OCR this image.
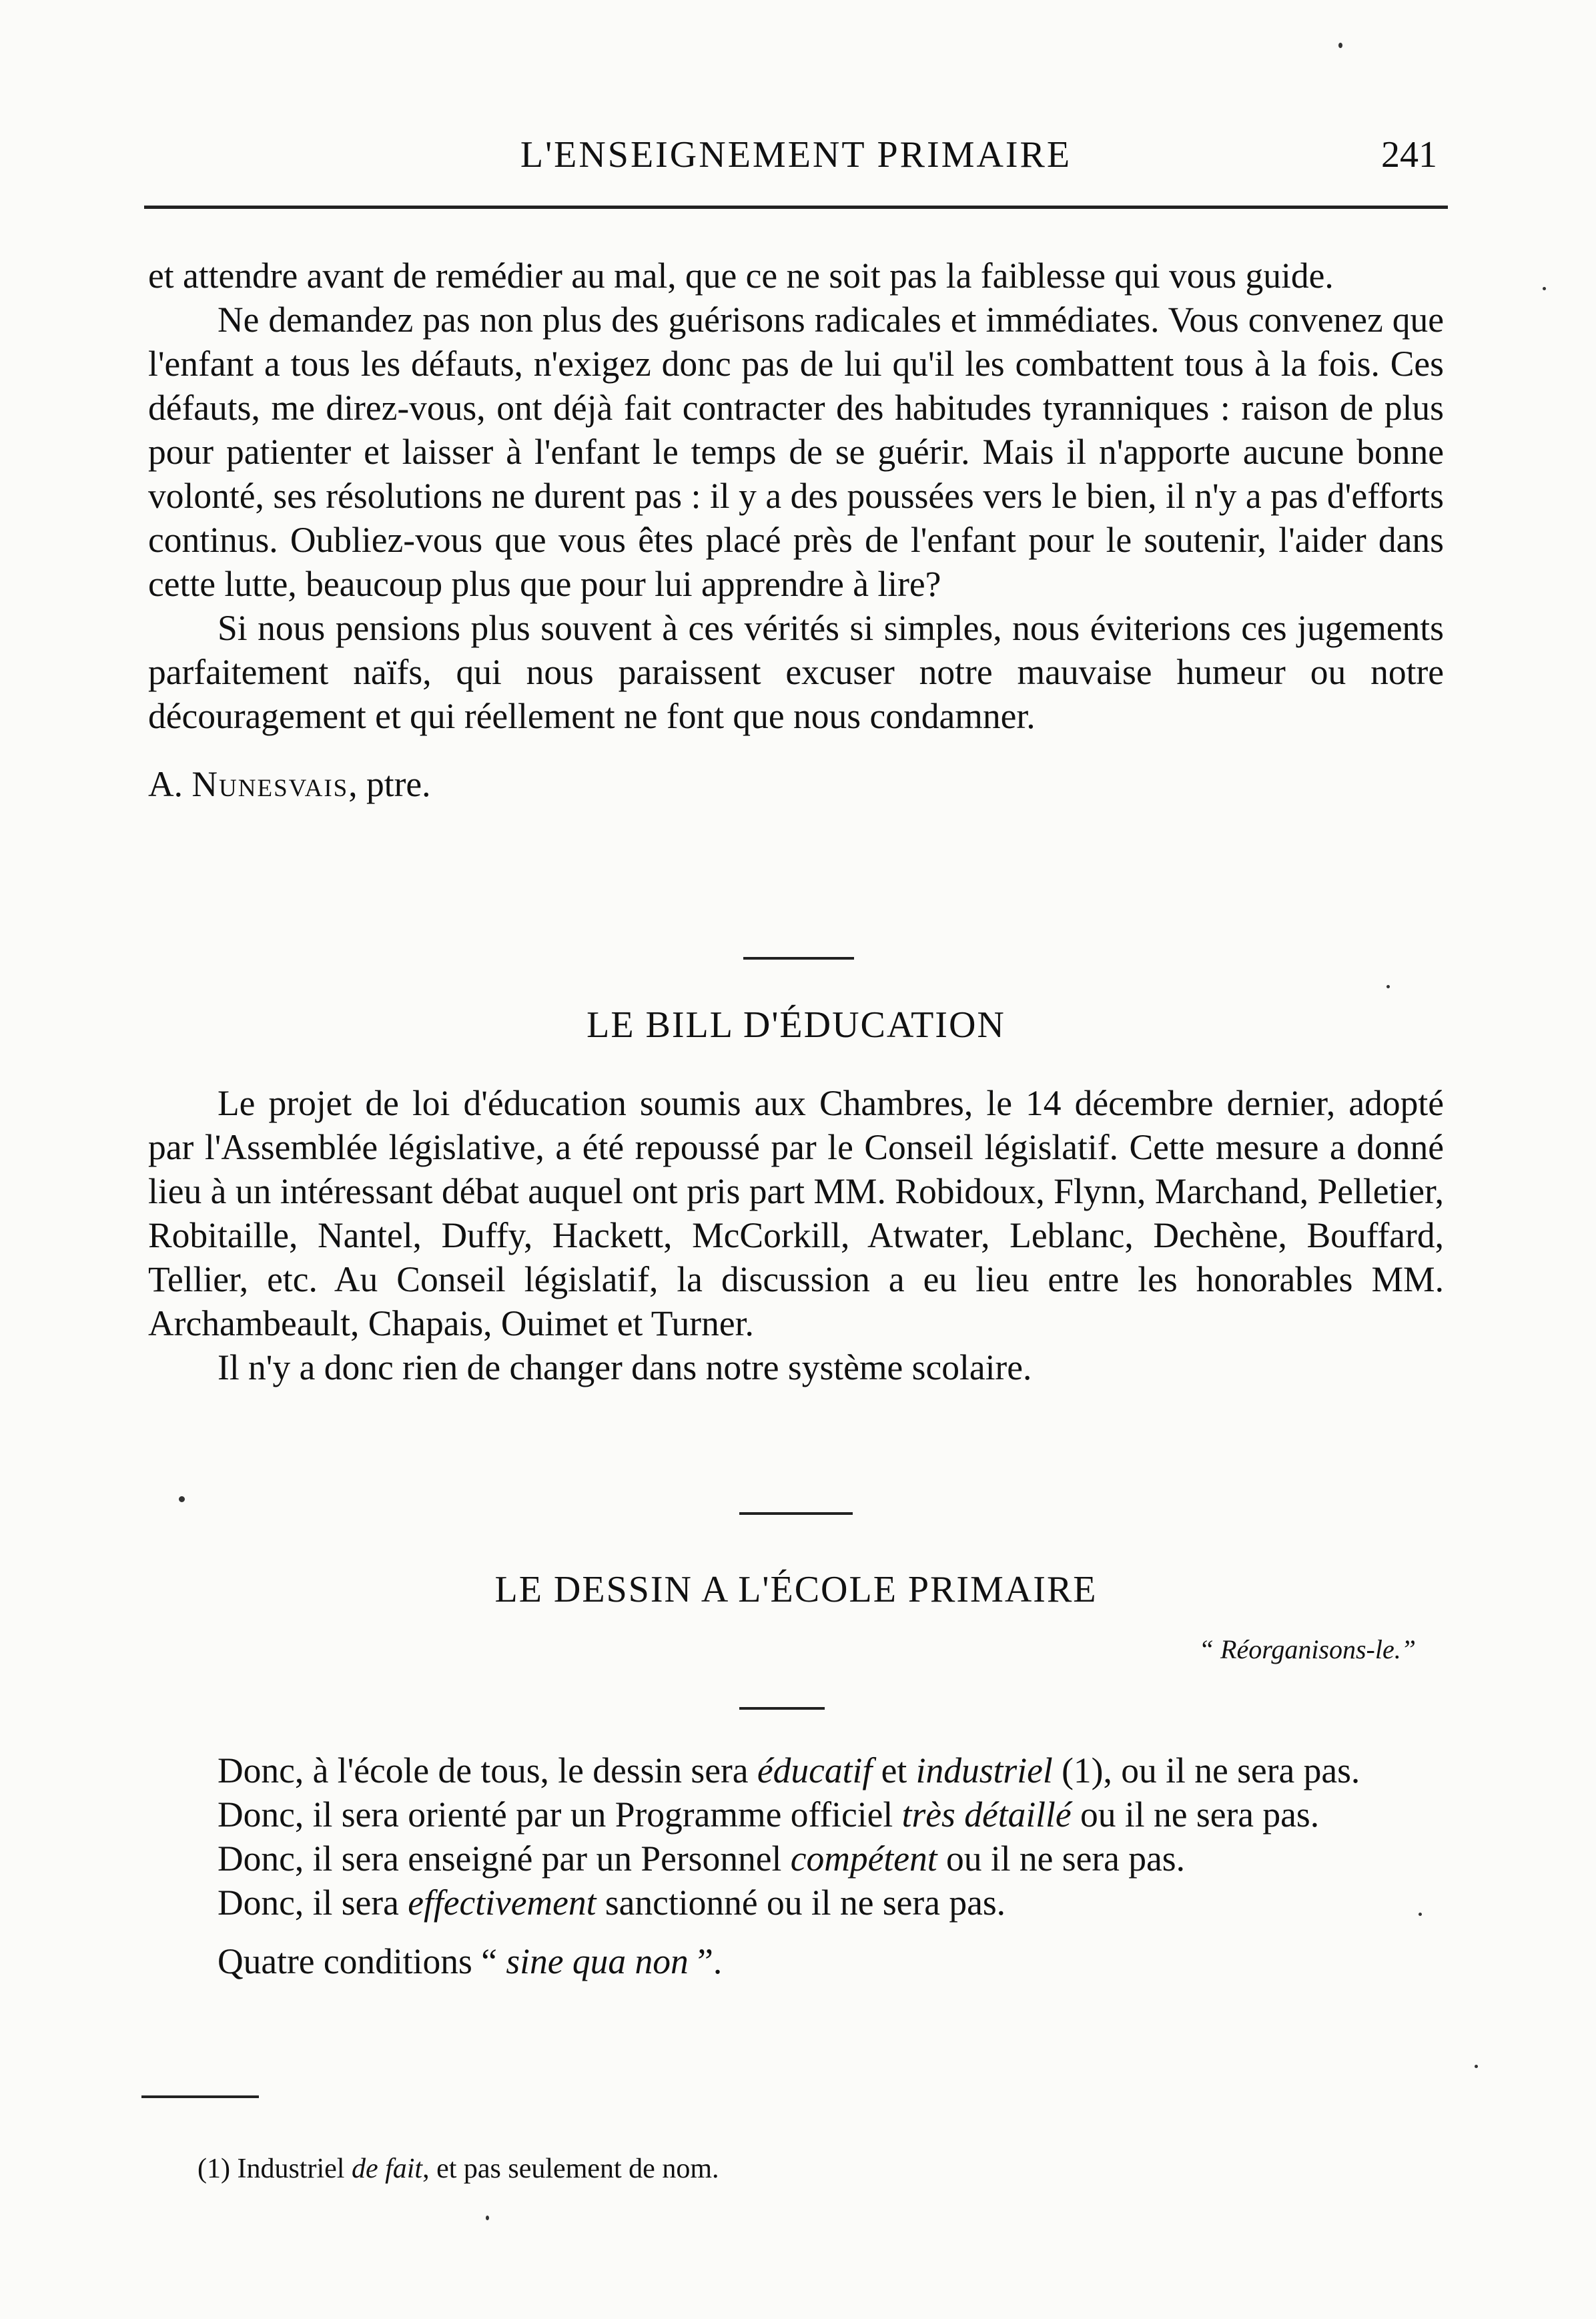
L'ENSEIGNEMENT PRIMAIRE	241

et attendre avant de remédier au mal, que ce ne soit pas la faiblesse qui vous guide.

Ne demandez pas non plus des guérisons radicales et immédiates. Vous convenez que l'enfant a tous les défauts, n'exigez donc pas de lui qu'il les combattent tous à la fois. Ces défauts, me direz-vous, ont déjà fait contracter des habitudes tyranniques : raison de plus pour patienter et laisser à l'enfant le temps de se guérir. Mais il n'apporte aucune bonne volonté, ses résolutions ne durent pas : il y a des poussées vers le bien, il n'y a pas d'efforts continus. Oubliez-vous que vous êtes placé près de l'enfant pour le soutenir, l'aider dans cette lutte, beaucoup plus que pour lui apprendre à lire?

Si nous pensions plus souvent à ces vérités si simples, nous éviterions ces jugements parfaitement naïfs, qui nous paraissent excuser notre mauvaise humeur ou notre découragement et qui réellement ne font que nous condamner.

A. Nunesvais, ptre.

LE BILL D'ÉDUCATION

Le projet de loi d'éducation soumis aux Chambres, le 14 décembre dernier, adopté par l'Assemblée législative, a été repoussé par le Conseil législatif. Cette mesure a donné lieu à un intéressant débat auquel ont pris part MM. Robidoux, Flynn, Marchand, Pelletier, Robitaille, Nantel, Duffy, Hackett, McCorkill, Atwater, Leblanc, Dechène, Bouffard, Tellier, etc. Au Conseil législatif, la discussion a eu lieu entre les honorables MM. Archambeault, Chapais, Ouimet et Turner.

Il n'y a donc rien de changer dans notre système scolaire.

LE DESSIN A L'ÉCOLE PRIMAIRE
“ Réorganisons-le.”

Donc, à l'école de tous, le dessin sera éducatif et industriel (1), ou il ne sera pas.

Donc, il sera orienté par un Programme officiel très détaillé ou il ne sera pas.

Donc, il sera enseigné par un Personnel compétent ou il ne sera pas.

Donc, il sera effectivement sanctionné ou il ne sera pas.

Quatre conditions “ sine qua non ”.

(1) Industriel de fait, et pas seulement de nom.
